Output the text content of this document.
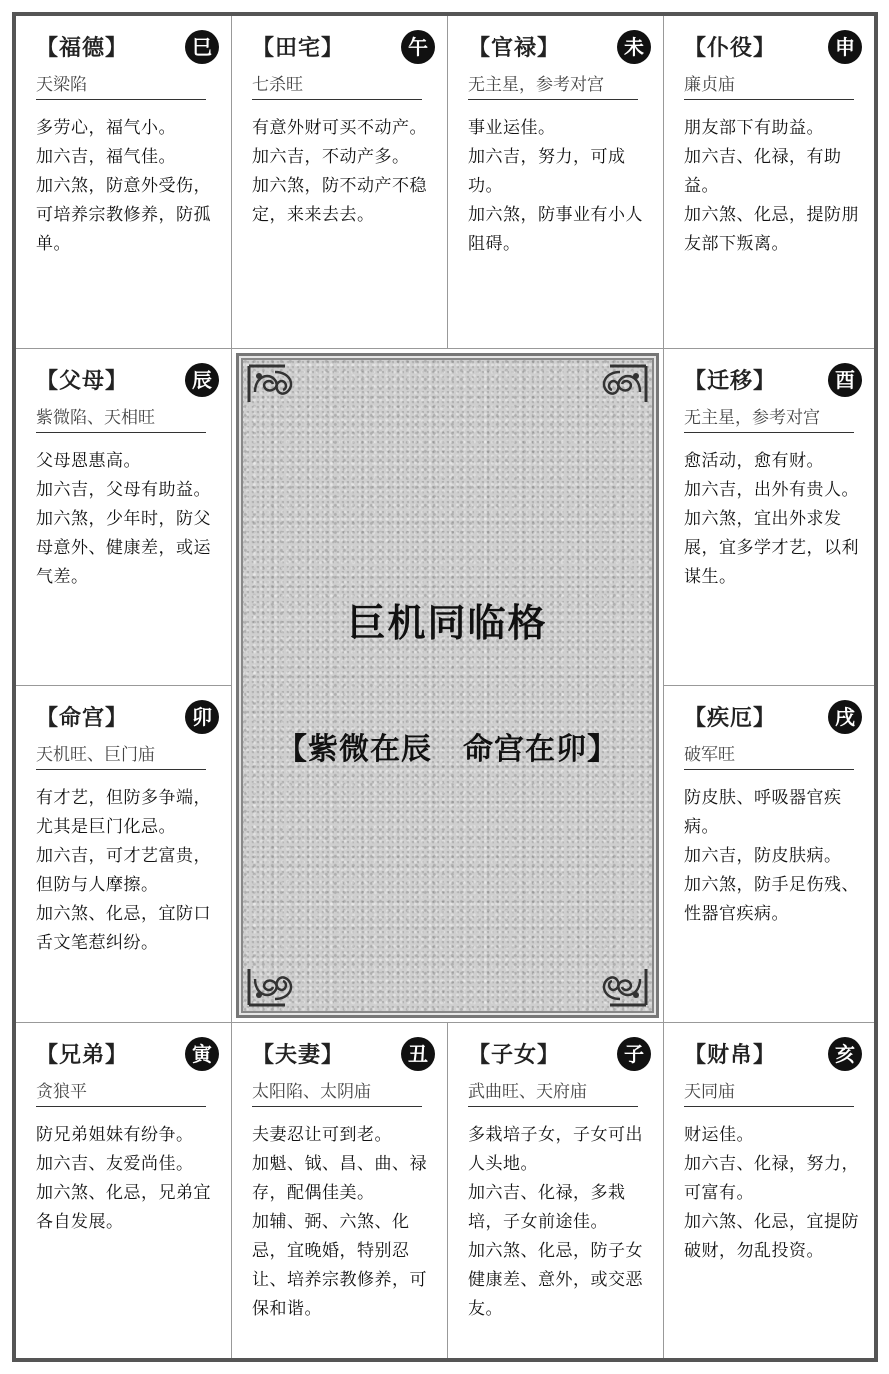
【福德】	巳
天梁陷
多劳心，福气小。
加六吉，福气佳。
加六煞，防意外受伤，可培养宗教修养，防孤单。
【田宅】	午
七杀旺
有意外财可买不动产。
加六吉，不动产多。
加六煞，防不动产不稳定，来来去去。
【官禄】	未
无主星，参考对宫
事业运佳。
加六吉，努力，可成功。
加六煞，防事业有小人阻碍。
【仆役】	申
廉贞庙
朋友部下有助益。
加六吉、化禄，有助益。
加六煞、化忌，提防朋友部下叛离。
【父母】	辰
紫微陷、天相旺
父母恩惠高。
加六吉，父母有助益。
加六煞，少年时，防父母意外、健康差，或运气差。
巨机同临格
【紫微在辰　命宫在卯】
【迁移】	酉
无主星，参考对宫
愈活动，愈有财。
加六吉，出外有贵人。
加六煞，宜出外求发展，宜多学才艺，以利谋生。
【命宫】	卯
天机旺、巨门庙
有才艺，但防多争端，尤其是巨门化忌。
加六吉，可才艺富贵，但防与人摩擦。
加六煞、化忌，宜防口舌文笔惹纠纷。
【疾厄】	戌
破军旺
防皮肤、呼吸器官疾病。
加六吉，防皮肤病。
加六煞，防手足伤残、性器官疾病。
【兄弟】	寅
贪狼平
防兄弟姐妹有纷争。
加六吉、友爱尚佳。
加六煞、化忌，兄弟宜各自发展。
【夫妻】	丑
太阳陷、太阴庙
夫妻忍让可到老。
加魁、钺、昌、曲、禄存，配偶佳美。
加辅、弼、六煞、化忌，宜晚婚，特别忍让、培养宗教修养，可保和谐。
【子女】	子
武曲旺、天府庙
多栽培子女，子女可出人头地。
加六吉、化禄，多栽培，子女前途佳。
加六煞、化忌，防子女健康差、意外，或交恶友。
【财帛】	亥
天同庙
财运佳。
加六吉、化禄，努力，可富有。
加六煞、化忌，宜提防破财，勿乱投资。
